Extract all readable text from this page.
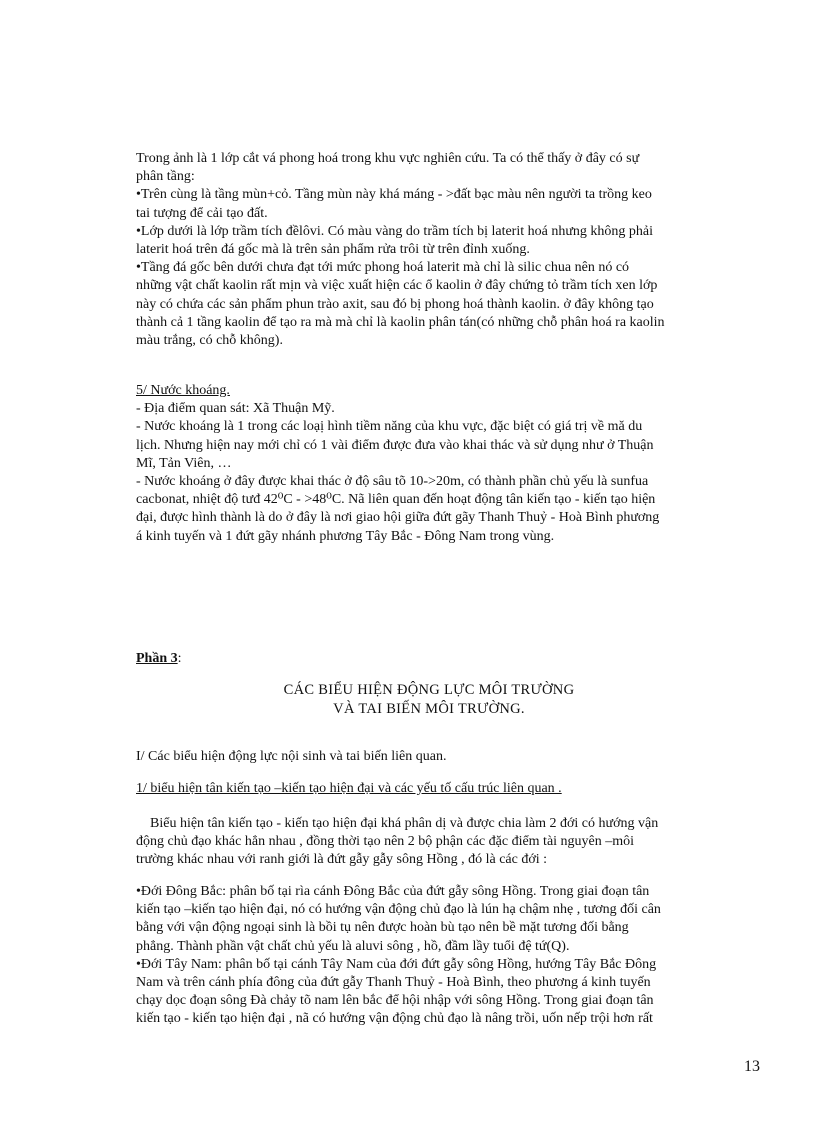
Trong ảnh là 1 lớp cắt vá phong hoá trong khu vực nghiên cứu. Ta có thể thấy ở đây có sự
phân tầng:
•Trên cùng là tầng mùn+cỏ. Tầng mùn này khá máng - >đất bạc màu nên người ta trồng keo
tai tượng để cải tạo đất.
•Lớp dưới là lớp trầm tích đềlôvi. Có màu vàng do trầm tích bị laterit hoá nhưng không phải
laterit hoá trên đá gốc mà là trên sản phẩm rửa trôi từ trên đỉnh xuống.
•Tầng đá gốc bên dưới chưa đạt tới mức phong hoá laterit mà chỉ là silic chua nên nó có
những vật chất kaolin rất mịn và việc xuất hiện các ổ kaolin ở đây chứng tỏ trầm tích xen lớp
này có chứa các sản phẩm phun trào axit, sau đó bị phong hoá thành kaolin. ở đây không tạo
thành cả 1 tầng kaolin để tạo ra mà mà chỉ là kaolin phân tán(có những chỗ phân hoá ra kaolin
màu trắng, có chỗ không).
5/ Nước khoáng.
- Địa điểm quan sát: Xã Thuận Mỹ.
- Nước khoáng là 1 trong các loạị hình tiềm năng của khu vực, đặc biệt có giá trị về mă du
lịch. Nhưng hiện nay mới chỉ có 1 vài điểm được đưa vào khai thác và sử dụng như ở Thuận
Mĩ, Tản Viên, …
- Nước khoáng ở đây được khai thác ở độ sâu tõ 10->20m, có thành phần chủ yếu là sunfua
cacbonat, nhiệt độ tưđ 42⁰C - >48⁰C. Nã liên quan đến hoạt động tân kiến tạo - kiến tạo hiện
đại, được hình thành là do ở đây là nơi giao hội giữa đứt gãy Thanh Thuỷ - Hoà Bình phương
á kinh tuyến và 1 đứt gãy nhánh phương Tây Bắc - Đông Nam trong vùng.
Phần 3:
CÁC BIỂU HIỆN ĐỘNG LỰC MÔI TRƯỜNG
VÀ TAI BIẾN MÔI TRƯỜNG.
I/ Các biểu hiện động lực nội sinh và tai biến liên quan.
1/ biểu hiện tân kiến tạo –kiến tạo hiện đại và các yếu tố cấu trúc liên quan .
Biểu hiện tân kiến tạo - kiến tạo hiện đại khá phân dị và được chia làm 2 đới có hướng vận
động chủ đạo khác hẳn nhau , đồng thời tạo nên 2 bộ phận các đặc điểm tài nguyên –môi
trường khác nhau với ranh giới là đứt gẫy gẫy sông Hồng , đó là các đới :
•Đới Đông Bắc: phân bố tại rìa cánh Đông Bắc của đứt gẫy sông Hồng. Trong giai đoạn tân
kiến tạo –kiến tạo hiện đại, nó có hướng vận động chủ đạo là lún hạ chậm nhẹ , tương đối cân
bằng với vận động ngoại sinh là bồi tụ nên được hoàn bù tạo nên bề mặt tương đối bằng
phẳng. Thành phần vật chất chủ yếu là aluvi sông , hồ, đầm lầy tuổi đệ tứ(Q).
•Đới Tây Nam: phân bố tại cánh Tây Nam của đới đứt gẫy sông Hồng, hướng Tây Bắc Đông
Nam và trên cánh phía đông của đứt gẫy Thanh Thuỷ - Hoà Bình, theo phương á kinh tuyến
chạy dọc đoạn sông Đà chảy tõ nam lên bắc để hội nhập với sông Hồng. Trong giai đoạn tân
kiến tạo - kiến tạo hiện đại , nã có hướng vận động chủ đạo là nâng trồi, uốn nếp trội hơn rất
13
